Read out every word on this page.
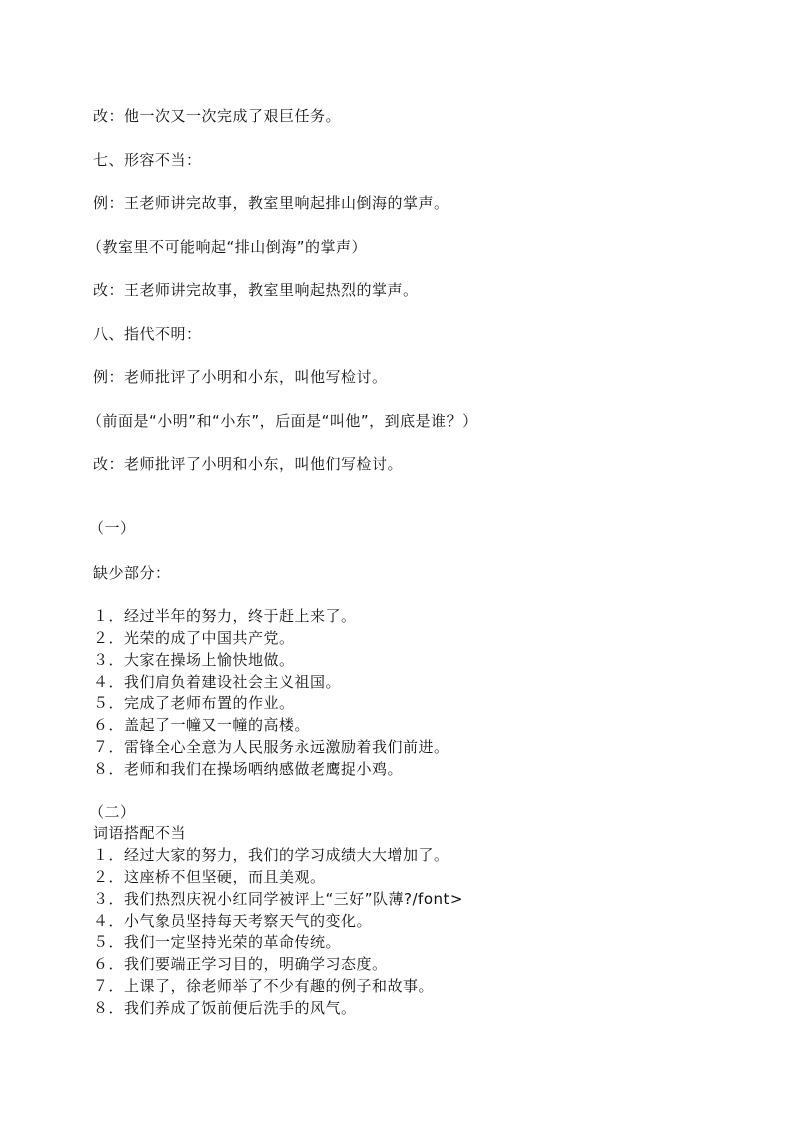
改：他一次又一次完成了艰巨任务。
七、形容不当：
例：王老师讲完故事，教室里响起排山倒海的掌声。
（教室里不可能响起“排山倒海”的掌声）
改：王老师讲完故事，教室里响起热烈的掌声。
八、指代不明：
例：老师批评了小明和小东，叫他写检讨。
（前面是“小明”和“小东”，后面是“叫他”，到底是谁？）
改：老师批评了小明和小东，叫他们写检讨。
（一）
缺少部分：
１．经过半年的努力，终于赶上来了。
２．光荣的成了中国共产党。
３．大家在操场上愉快地做。
４．我们肩负着建设社会主义祖国。
５．完成了老师布置的作业。
６．盖起了一幢又一幢的高楼。
７．雷锋全心全意为人民服务永远激励着我们前进。
８．老师和我们在操场哂纳感做老鹰捉小鸡。
（二）
词语搭配不当
１．经过大家的努力，我们的学习成绩大大增加了。
２．这座桥不但坚硬，而且美观。
３．我们热烈庆祝小红同学被评上“三好”队薄?/font>
４．小气象员坚持每天考察天气的变化。
５．我们一定坚持光荣的革命传统。
６．我们要端正学习目的，明确学习态度。
７．上课了，徐老师举了不少有趣的例子和故事。
８．我们养成了饭前便后洗手的风气。
